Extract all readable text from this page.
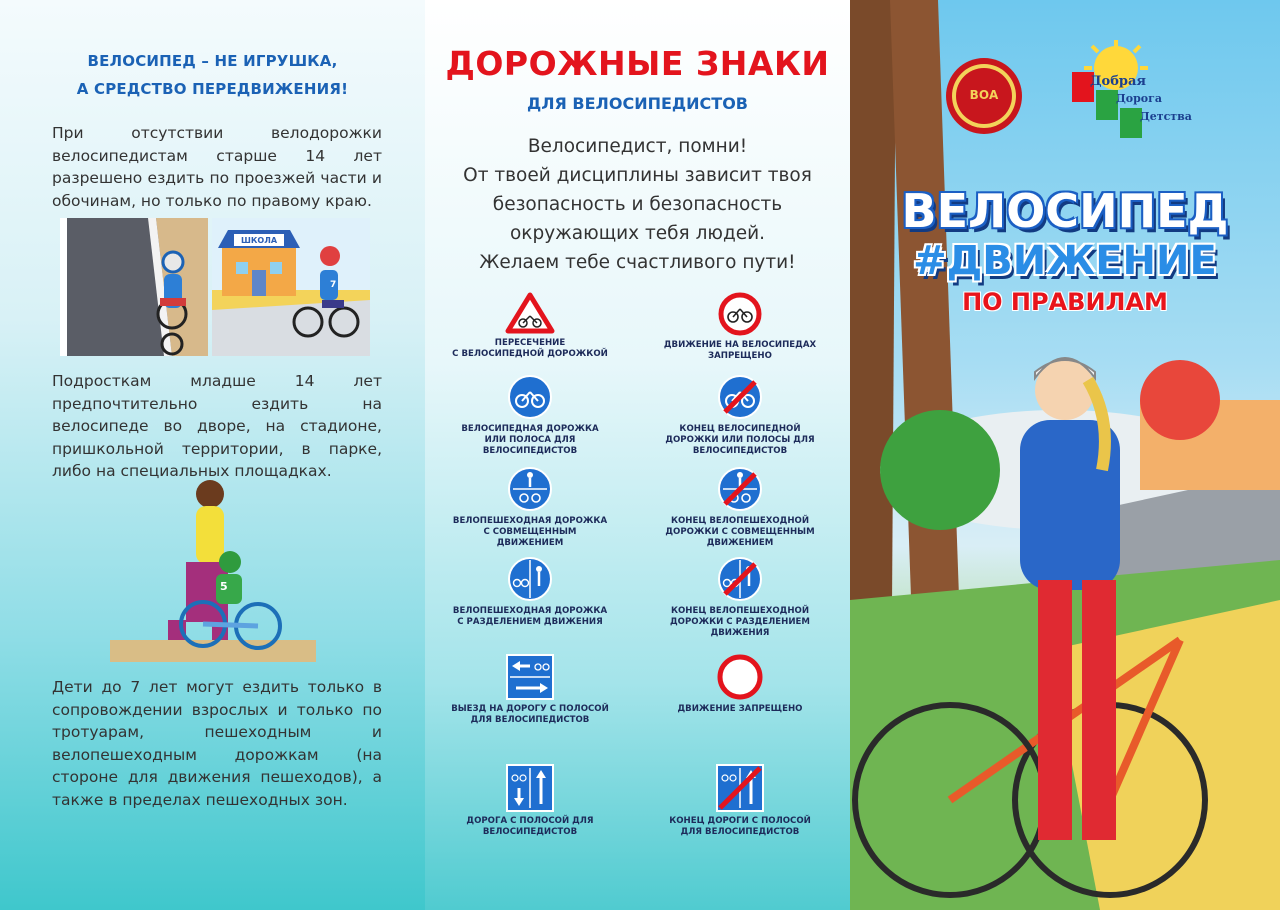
ВЕЛОСИПЕД – НЕ ИГРУШКА,
А СРЕДСТВО ПЕРЕДВИЖЕНИЯ!
При отсутствии велодорожки велосипедистам старше 14 лет разрешено ездить по проезжей части и обочинам, но только по правому краю.
ШКОЛА
7
Подросткам младше 14 лет предпочтительно ездить на велосипеде во дворе, на стадионе, пришкольной территории, в парке, либо на специальных площадках.
5
Дети до 7 лет могут ездить только в сопровождении взрослых и только по тротуарам, пешеходным и велопешеходным дорожкам (на стороне для движения пешеходов), а также в пределах пешеходных зон.
ДОРОЖНЫЕ ЗНАКИ
ДЛЯ ВЕЛОСИПЕДИСТОВ
Велосипедист, помни!
От твоей дисциплины зависит твоя
безопасность и безопасность
окружающих тебя людей.
Желаем тебе счастливого пути!
ПЕРЕСЕЧЕНИЕ
С ВЕЛОСИПЕДНОЙ ДОРОЖКОЙ
ДВИЖЕНИЕ НА ВЕЛОСИПЕДАХ
ЗАПРЕЩЕНО
ВЕЛОСИПЕДНАЯ ДОРОЖКА
ИЛИ ПОЛОСА ДЛЯ
ВЕЛОСИПЕДИСТОВ
КОНЕЦ ВЕЛОСИПЕДНОЙ
ДОРОЖКИ ИЛИ ПОЛОСЫ ДЛЯ
ВЕЛОСИПЕДИСТОВ
ВЕЛОПЕШЕХОДНАЯ ДОРОЖКА
С СОВМЕЩЕННЫМ
ДВИЖЕНИЕМ
КОНЕЦ ВЕЛОПЕШЕХОДНОЙ
ДОРОЖКИ С СОВМЕЩЕННЫМ
ДВИЖЕНИЕМ
ВЕЛОПЕШЕХОДНАЯ ДОРОЖКА
С РАЗДЕЛЕНИЕМ ДВИЖЕНИЯ
КОНЕЦ ВЕЛОПЕШЕХОДНОЙ
ДОРОЖКИ С РАЗДЕЛЕНИЕМ
ДВИЖЕНИЯ
ВЫЕЗД НА ДОРОГУ С ПОЛОСОЙ
ДЛЯ ВЕЛОСИПЕДИСТОВ
ДВИЖЕНИЕ ЗАПРЕЩЕНО
ДОРОГА С ПОЛОСОЙ ДЛЯ
ВЕЛОСИПЕДИСТОВ
КОНЕЦ ДОРОГИ С ПОЛОСОЙ
ДЛЯ ВЕЛОСИПЕДИСТОВ
ВОА
Добрая
Дорога
Детства
ВЕЛОСИПЕД
#ДВИЖЕНИЕ
ПО ПРАВИЛАМ
